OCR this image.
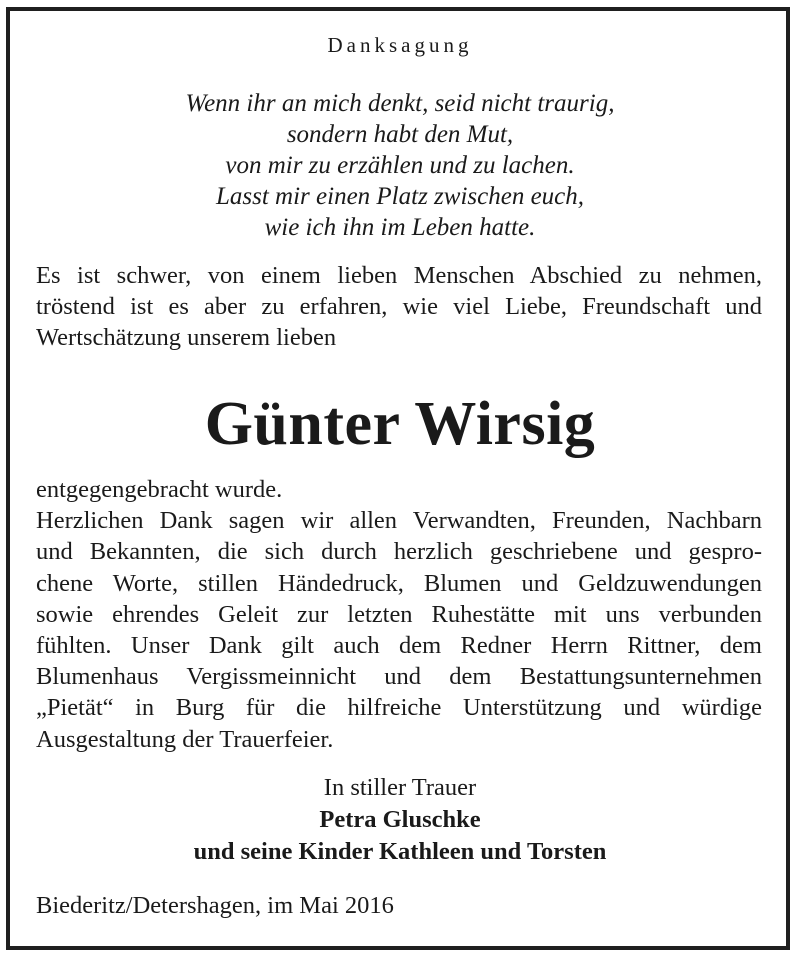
Danksagung

Wenn ihr an mich denkt, seid nicht traurig,

sondern habt den Mut,

von mir zu erzählen und zu lachen.

Lasst mir einen Platz zwischen euch,

wie ich ihn im Leben hatte.

Es ist schwer, von einem lieben Menschen Abschied zu nehmen,
tröstend ist es aber zu erfahren, wie viel Liebe, Freundschaft und
Wertschätzung unserem lieben

Günter Wirsig

entgegengebracht wurde.
Herzlichen Dank sagen wir allen Verwandten, Freunden, Nachbarn
und Bekannten, die sich durch herzlich geschriebene und gespro-
chene Worte, stillen Händedruck, Blumen und Geldzuwendungen
sowie ehrendes Geleit zur letzten Ruhestätte mit uns verbunden
fühlten. Unser Dank gilt auch dem Redner Herrn Rittner, dem
Blumenhaus Vergissmeinnicht und dem Bestattungsunternehmen
„Pietät“ in Burg für die hilfreiche Unterstützung und würdige
Ausgestaltung der Trauerfeier.

In stiller Trauer

Petra Gluschke

und seine Kinder Kathleen und Torsten

Biederitz/Detershagen, im Mai 2016
